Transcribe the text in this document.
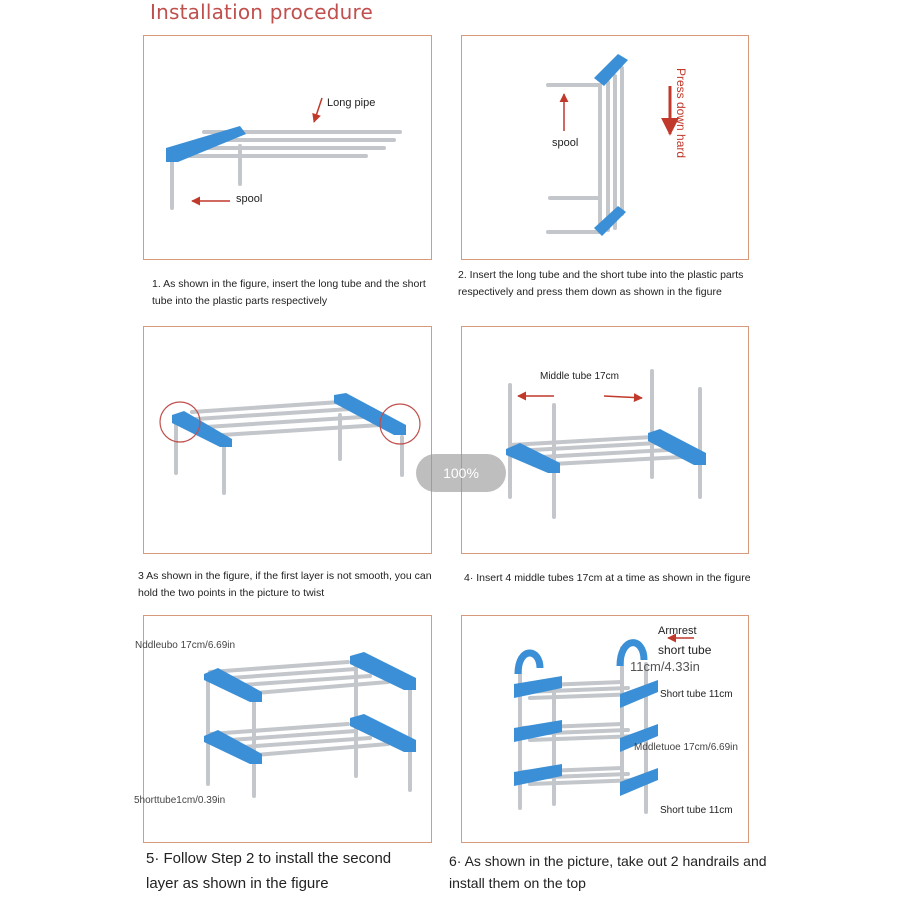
Installation procedure
Long pipe
spool
1. As shown in the figure, insert the long tube and the short tube into the plastic parts respectively
spool	Press down hard
2. Insert the long tube and the short tube into the plastic parts respectively and press them down as shown in the figure
3 As shown in the figure, if the first layer is not smooth, you can hold the two points in the picture to twist
Middle tube 17cm
4· Insert 4 middle tubes 17cm at a time as shown in the figure
Nddleubo 17cm/6.69in
5horttube1cm/0.39in
5· Follow Step 2 to install the second layer as shown in the figure
Armrest
short tube
11cm/4.33in
Short tube 11cm
Mddletuoe 17cm/6.69in
Short tube 11cm
6· As shown in the picture, take out 2 handrails and install them on the top
100%
